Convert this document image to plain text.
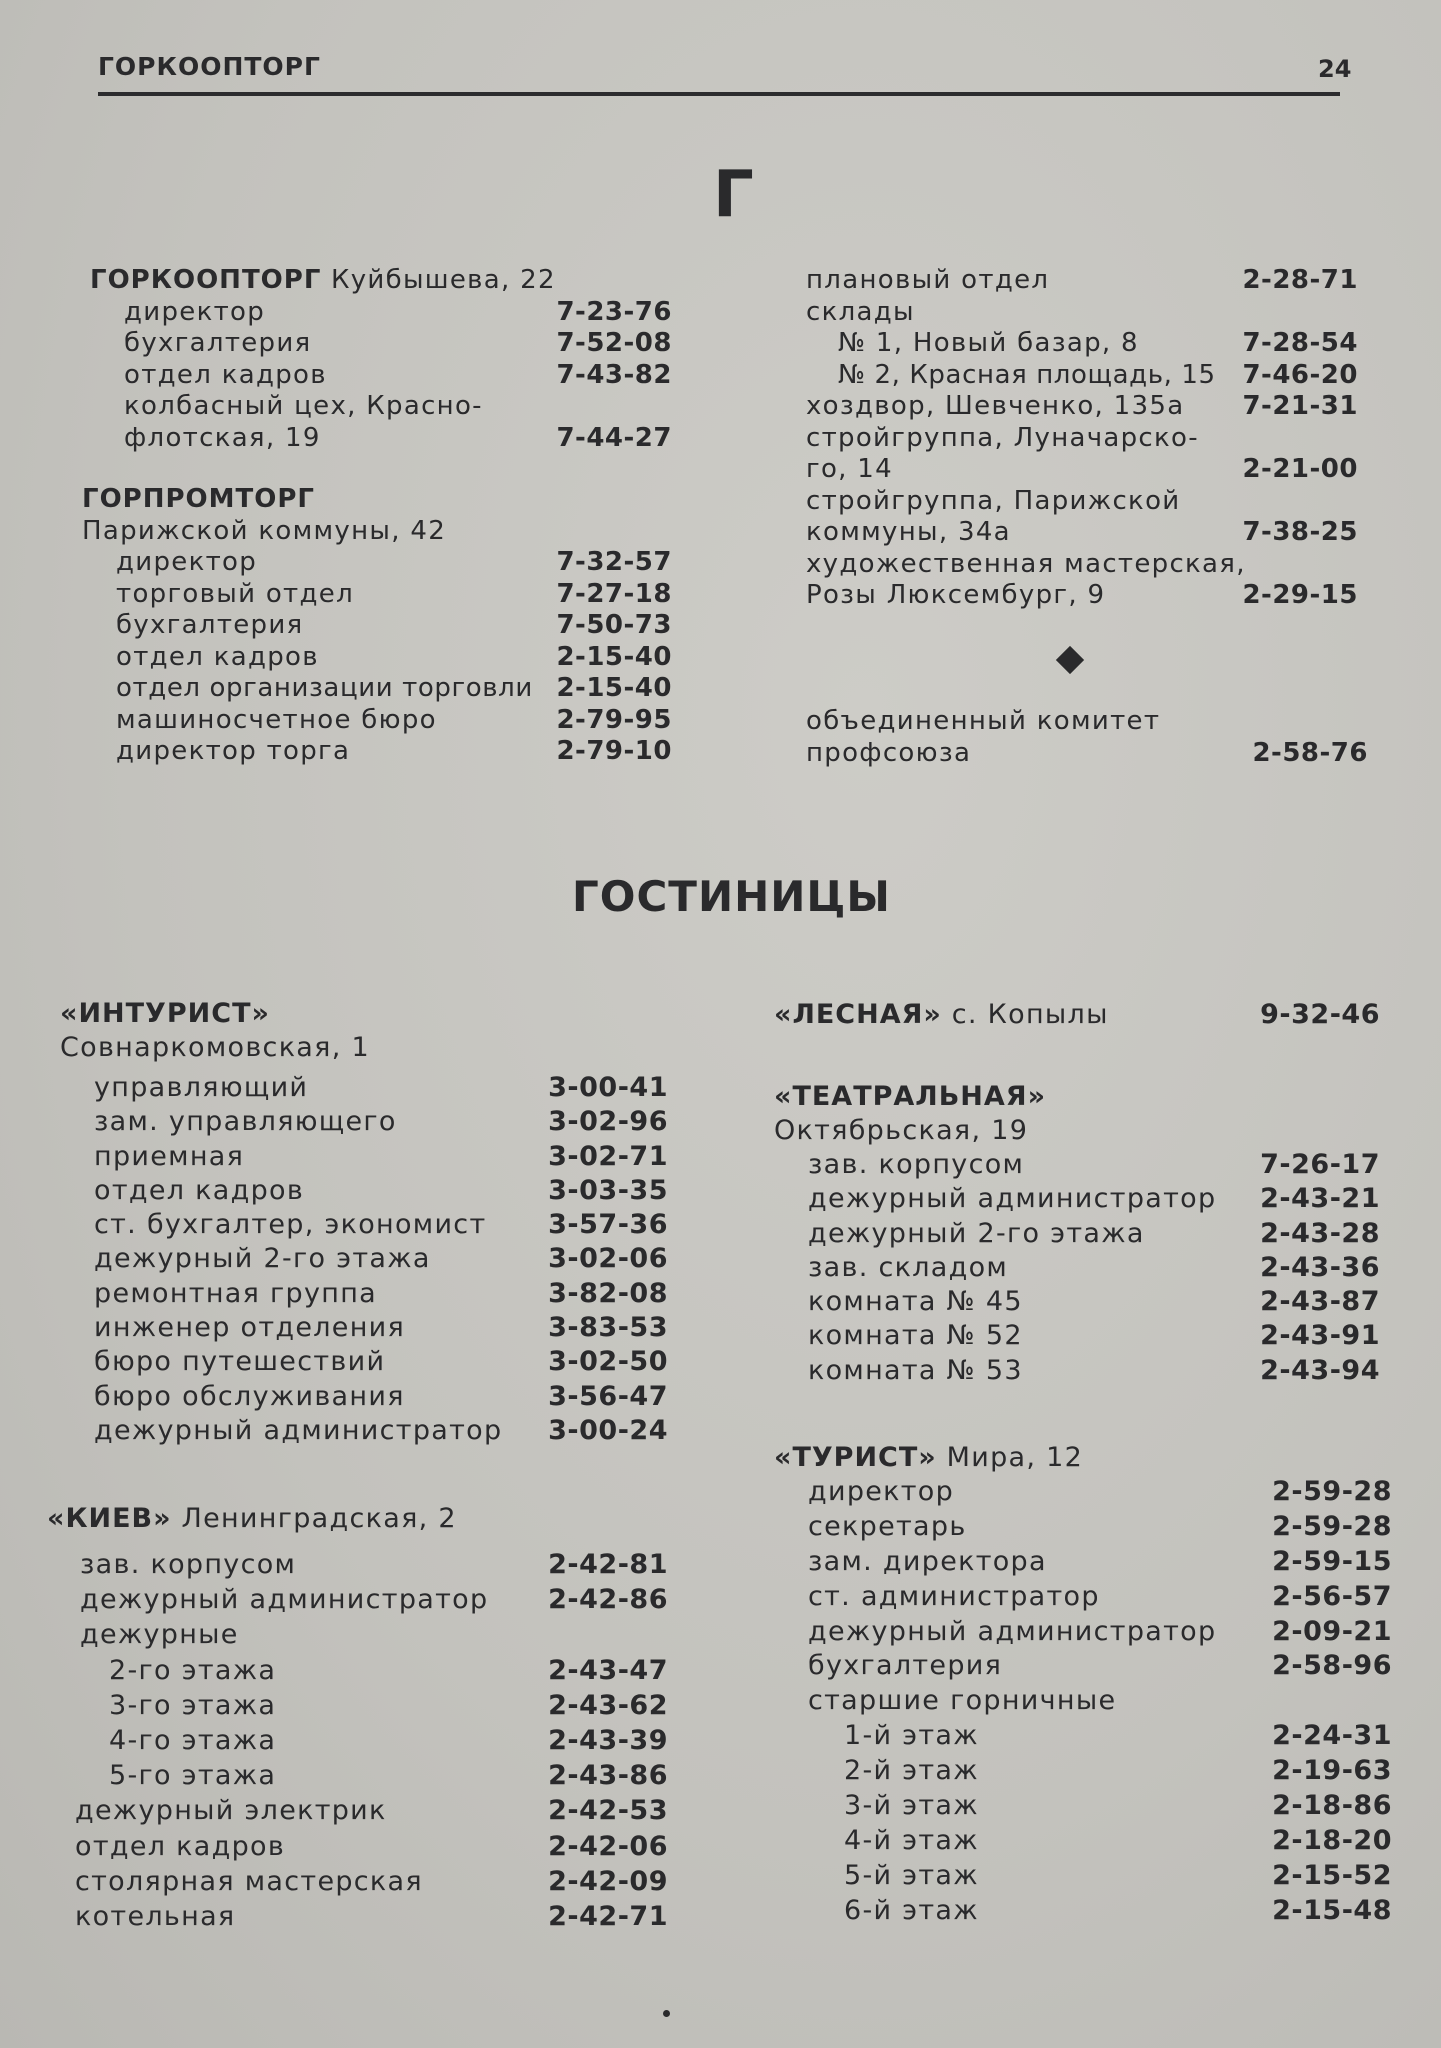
ГОРКООПТОРГ	24
Г
ГОРКООПТОРГ Куйбышева, 22
директор	7-23-76
бухгалтерия	7-52-08
отдел кадров	7-43-82
колбасный цех, Красно-
флотская, 19	7-44-27
ГОРПРОМТОРГ
Парижской коммуны, 42
директор	7-32-57
торговый отдел	7-27-18
бухгалтерия	7-50-73
отдел кадров	2-15-40
отдел организации торговли 2-15-40
машиносчетное бюро	2-79-95
директор торга	2-79-10
плановый отдел	2-28-71
склады
№ 1, Новый базар, 8	7-28-54
№ 2, Красная площадь, 15 7-46-20
хоздвор, Шевченко, 135а 7-21-31
стройгруппа, Луначарско-
го, 14	2-21-00
стройгруппа, Парижской
коммуны, 34а	7-38-25
художественная мастерская,
Розы Люксембург, 9	2-29-15
объединенный комитет
профсоюза	2-58-76
ГОСТИНИЦЫ
«ИНТУРИСТ»
Совнаркомовская, 1
управляющий	3-00-41
зам. управляющего	3-02-96
приемная	3-02-71
отдел кадров	3-03-35
ст. бухгалтер, экономист 3-57-36
дежурный 2-го этажа	3-02-06
ремонтная группа	3-82-08
инженер отделения	3-83-53
бюро путешествий	3-02-50
бюро обслуживания	3-56-47
дежурный администратор 3-00-24
«КИЕВ» Ленинградская, 2
зав. корпусом	2-42-81
дежурный администратор 2-42-86
дежурные
2-го этажа	2-43-47
3-го этажа	2-43-62
4-го этажа	2-43-39
5-го этажа	2-43-86
дежурный электрик	2-42-53
отдел кадров	2-42-06
столярная мастерская	2-42-09
котельная	2-42-71
«ЛЕСНАЯ» с. Копылы	9-32-46
«ТЕАТРАЛЬНАЯ»
Октябрьская, 19
зав. корпусом	7-26-17
дежурный администратор 2-43-21
дежурный 2-го этажа	2-43-28
зав. складом	2-43-36
комната № 45	2-43-87
комната № 52	2-43-91
комната № 53	2-43-94
«ТУРИСТ» Мира, 12
директор	2-59-28
секретарь	2-59-28
зам. директора	2-59-15
ст. администратор	2-56-57
дежурный администратор 2-09-21
бухгалтерия	2-58-96
старшие горничные
1-й этаж	2-24-31
2-й этаж	2-19-63
3-й этаж	2-18-86
4-й этаж	2-18-20
5-й этаж	2-15-52
6-й этаж	2-15-48
